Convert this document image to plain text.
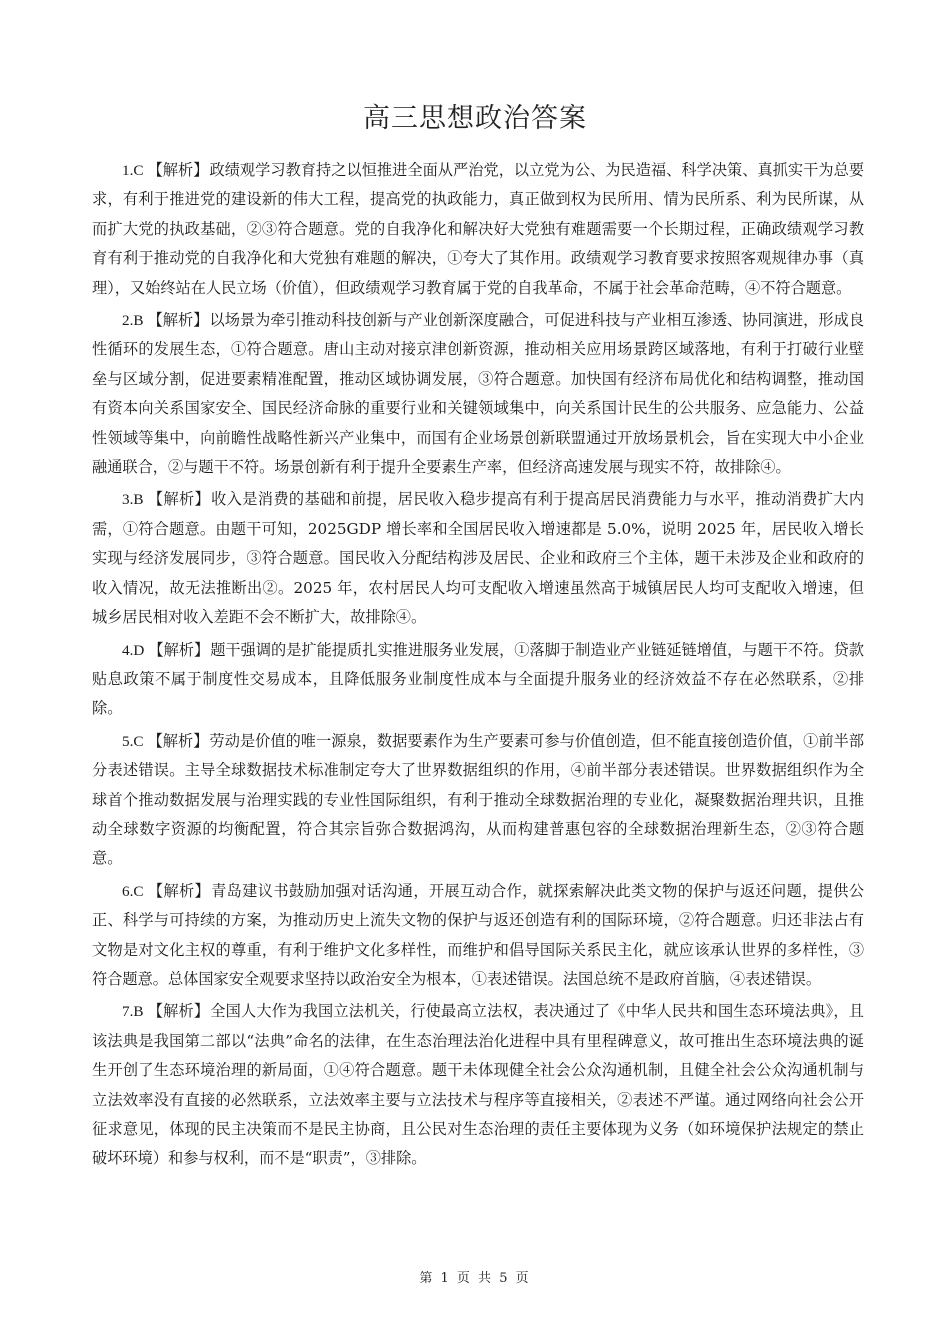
高三思想政治答案

1.C 【解析】政绩观学习教育持之以恒推进全面从严治党，以立党为公、为民造福、科学决策、真抓实干为总要求，有利于推进党的建设新的伟大工程，提高党的执政能力，真正做到权为民所用、情为民所系、利为民所谋，从而扩大党的执政基础，②③符合题意。党的自我净化和解决好大党独有难题需要一个长期过程，正确政绩观学习教育有利于推动党的自我净化和大党独有难题的解决，①夸大了其作用。政绩观学习教育要求按照客观规律办事（真理），又始终站在人民立场（价值），但政绩观学习教育属于党的自我革命，不属于社会革命范畴，④不符合题意。

2.B 【解析】以场景为牵引推动科技创新与产业创新深度融合，可促进科技与产业相互渗透、协同演进，形成良性循环的发展生态，①符合题意。唐山主动对接京津创新资源，推动相关应用场景跨区域落地，有利于打破行业壁垒与区域分割，促进要素精准配置，推动区域协调发展，③符合题意。加快国有经济布局优化和结构调整，推动国有资本向关系国家安全、国民经济命脉的重要行业和关键领域集中，向关系国计民生的公共服务、应急能力、公益性领域等集中，向前瞻性战略性新兴产业集中，而国有企业场景创新联盟通过开放场景机会，旨在实现大中小企业融通联合，②与题干不符。场景创新有利于提升全要素生产率，但经济高速发展与现实不符，故排除④。

3.B 【解析】收入是消费的基础和前提，居民收入稳步提高有利于提高居民消费能力与水平，推动消费扩大内需，①符合题意。由题干可知，2025GDP 增长率和全国居民收入增速都是 5.0%，说明 2025 年，居民收入增长实现与经济发展同步，③符合题意。国民收入分配结构涉及居民、企业和政府三个主体，题干未涉及企业和政府的收入情况，故无法推断出②。2025 年，农村居民人均可支配收入增速虽然高于城镇居民人均可支配收入增速，但城乡居民相对收入差距不会不断扩大，故排除④。

4.D 【解析】题干强调的是扩能提质扎实推进服务业发展，①落脚于制造业产业链延链增值，与题干不符。贷款贴息政策不属于制度性交易成本，且降低服务业制度性成本与全面提升服务业的经济效益不存在必然联系，②排除。

5.C 【解析】劳动是价值的唯一源泉，数据要素作为生产要素可参与价值创造，但不能直接创造价值，①前半部分表述错误。主导全球数据技术标准制定夸大了世界数据组织的作用，④前半部分表述错误。世界数据组织作为全球首个推动数据发展与治理实践的专业性国际组织，有利于推动全球数据治理的专业化，凝聚数据治理共识，且推动全球数字资源的均衡配置，符合其宗旨弥合数据鸿沟，从而构建普惠包容的全球数据治理新生态，②③符合题意。

6.C 【解析】青岛建议书鼓励加强对话沟通，开展互动合作，就探索解决此类文物的保护与返还问题，提供公正、科学与可持续的方案，为推动历史上流失文物的保护与返还创造有利的国际环境，②符合题意。归还非法占有文物是对文化主权的尊重，有利于维护文化多样性，而维护和倡导国际关系民主化，就应该承认世界的多样性，③符合题意。总体国家安全观要求坚持以政治安全为根本，①表述错误。法国总统不是政府首脑，④表述错误。

7.B 【解析】全国人大作为我国立法机关，行使最高立法权，表决通过了《中华人民共和国生态环境法典》，且该法典是我国第二部以“法典”命名的法律，在生态治理法治化进程中具有里程碑意义，故可推出生态环境法典的诞生开创了生态环境治理的新局面，①④符合题意。题干未体现健全社会公众沟通机制，且健全社会公众沟通机制与立法效率没有直接的必然联系，立法效率主要与立法技术与程序等直接相关，②表述不严谨。通过网络向社会公开征求意见，体现的民主决策而不是民主协商，且公民对生态治理的责任主要体现为义务（如环境保护法规定的禁止破坏环境）和参与权利，而不是“职责”，③排除。

第 1 页 共 5 页
